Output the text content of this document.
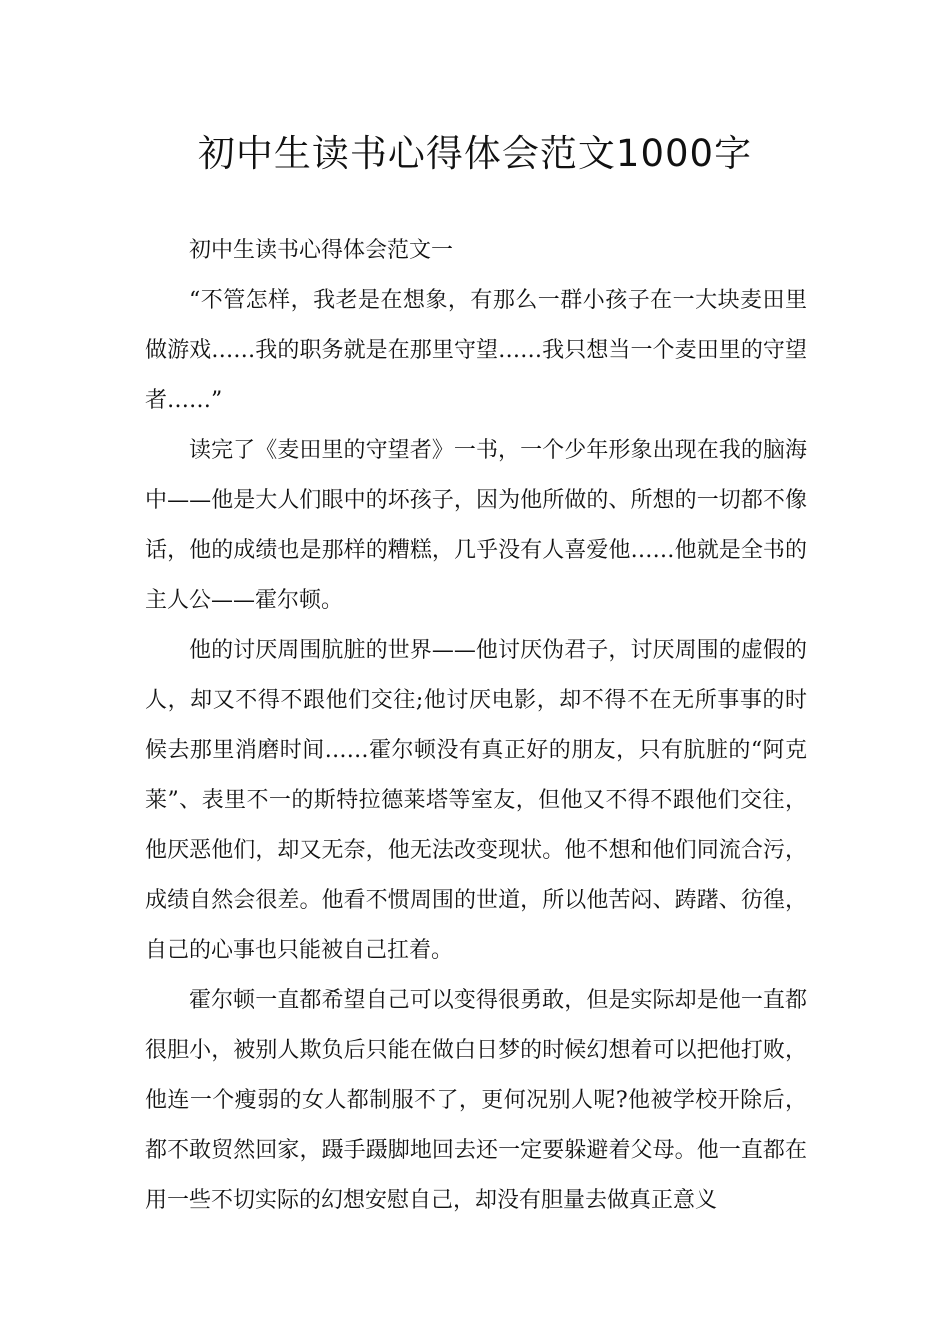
初中生读书心得体会范文1000字

初中生读书心得体会范文一

“不管怎样，我老是在想象，有那么一群小孩子在一大块麦田里做游戏……我的职务就是在那里守望……我只想当一个麦田里的守望者……”

读完了《麦田里的守望者》一书，一个少年形象出现在我的脑海中——他是大人们眼中的坏孩子，因为他所做的、所想的一切都不像话，他的成绩也是那样的糟糕，几乎没有人喜爱他……他就是全书的主人公——霍尔顿。

他的讨厌周围肮脏的世界——他讨厌伪君子，讨厌周围的虚假的人，却又不得不跟他们交往;他讨厌电影，却不得不在无所事事的时候去那里消磨时间……霍尔顿没有真正好的朋友，只有肮脏的“阿克莱”、表里不一的斯特拉德莱塔等室友，但他又不得不跟他们交往，他厌恶他们，却又无奈，他无法改变现状。他不想和他们同流合污，成绩自然会很差。他看不惯周围的世道，所以他苦闷、踌躇、彷徨，自己的心事也只能被自己扛着。

霍尔顿一直都希望自己可以变得很勇敢，但是实际却是他一直都很胆小，被别人欺负后只能在做白日梦的时候幻想着可以把他打败，他连一个瘦弱的女人都制服不了，更何况别人呢?他被学校开除后，都不敢贸然回家，蹑手蹑脚地回去还一定要躲避着父母。他一直都在用一些不切实际的幻想安慰自己，却没有胆量去做真正意义
